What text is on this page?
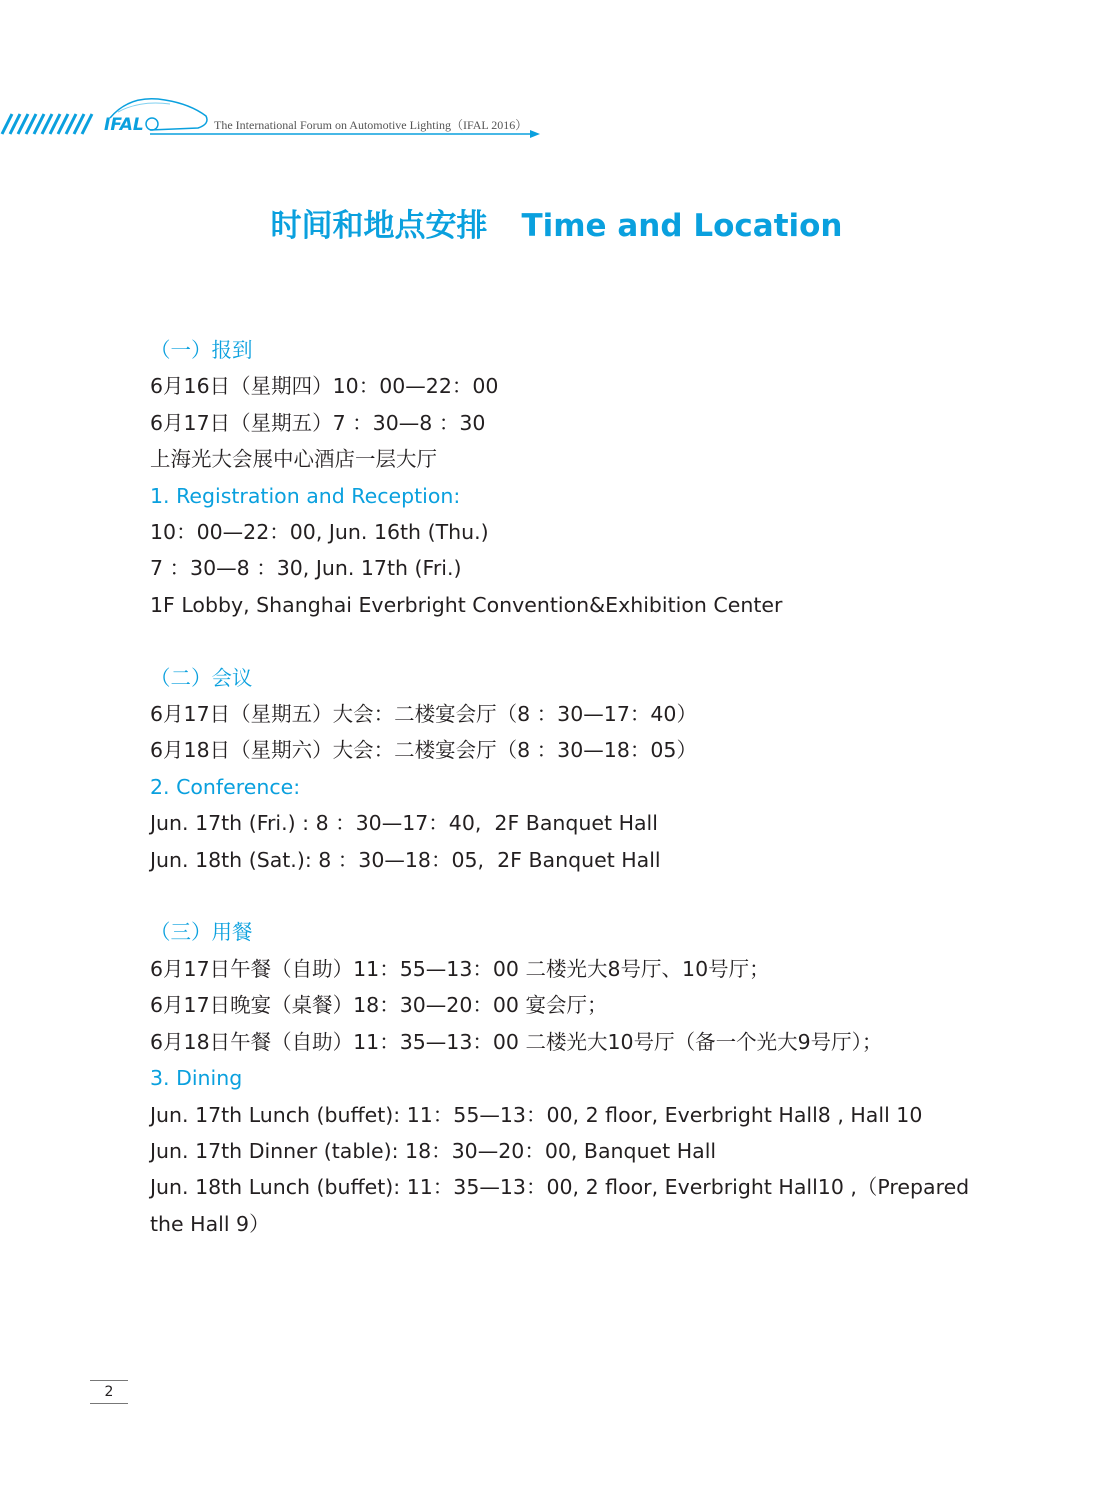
IFAL	The International Forum on Automotive Lighting（IFAL 2016）
时间和地点安排 Time and Location
（一）报到
6月16日（星期四）10：00—22：00
6月17日（星期五）7 ：30—8 ：30
上海光大会展中心酒店一层大厅
1. Registration and Reception:
10：00—22：00, Jun. 16th (Thu.)
7 ：30—8 ：30, Jun. 17th (Fri.)
1F Lobby, Shanghai Everbright Convention&Exhibition Center
（二）会议
6月17日（星期五）大会：二楼宴会厅（8 ：30—17：40）
6月18日（星期六）大会：二楼宴会厅（8 ：30—18：05）
2. Conference:
Jun. 17th (Fri.) : 8 ：30—17：40,  2F Banquet Hall
Jun. 18th (Sat.): 8 ：30—18：05,  2F Banquet Hall
（三）用餐
6月17日午餐（自助）11：55—13：00 二楼光大8号厅、10号厅；
6月17日晚宴（桌餐）18：30—20：00 宴会厅；
6月18日午餐（自助）11：35—13：00 二楼光大10号厅（备一个光大9号厅）；
3. Dining
Jun. 17th Lunch (buffet): 11：55—13：00, 2 floor, Everbright Hall8 , Hall 10
Jun. 17th Dinner (table): 18：30—20：00, Banquet Hall
Jun. 18th Lunch (buffet): 11：35—13：00, 2 floor, Everbright Hall10 ,（Prepared the Hall 9）
2
